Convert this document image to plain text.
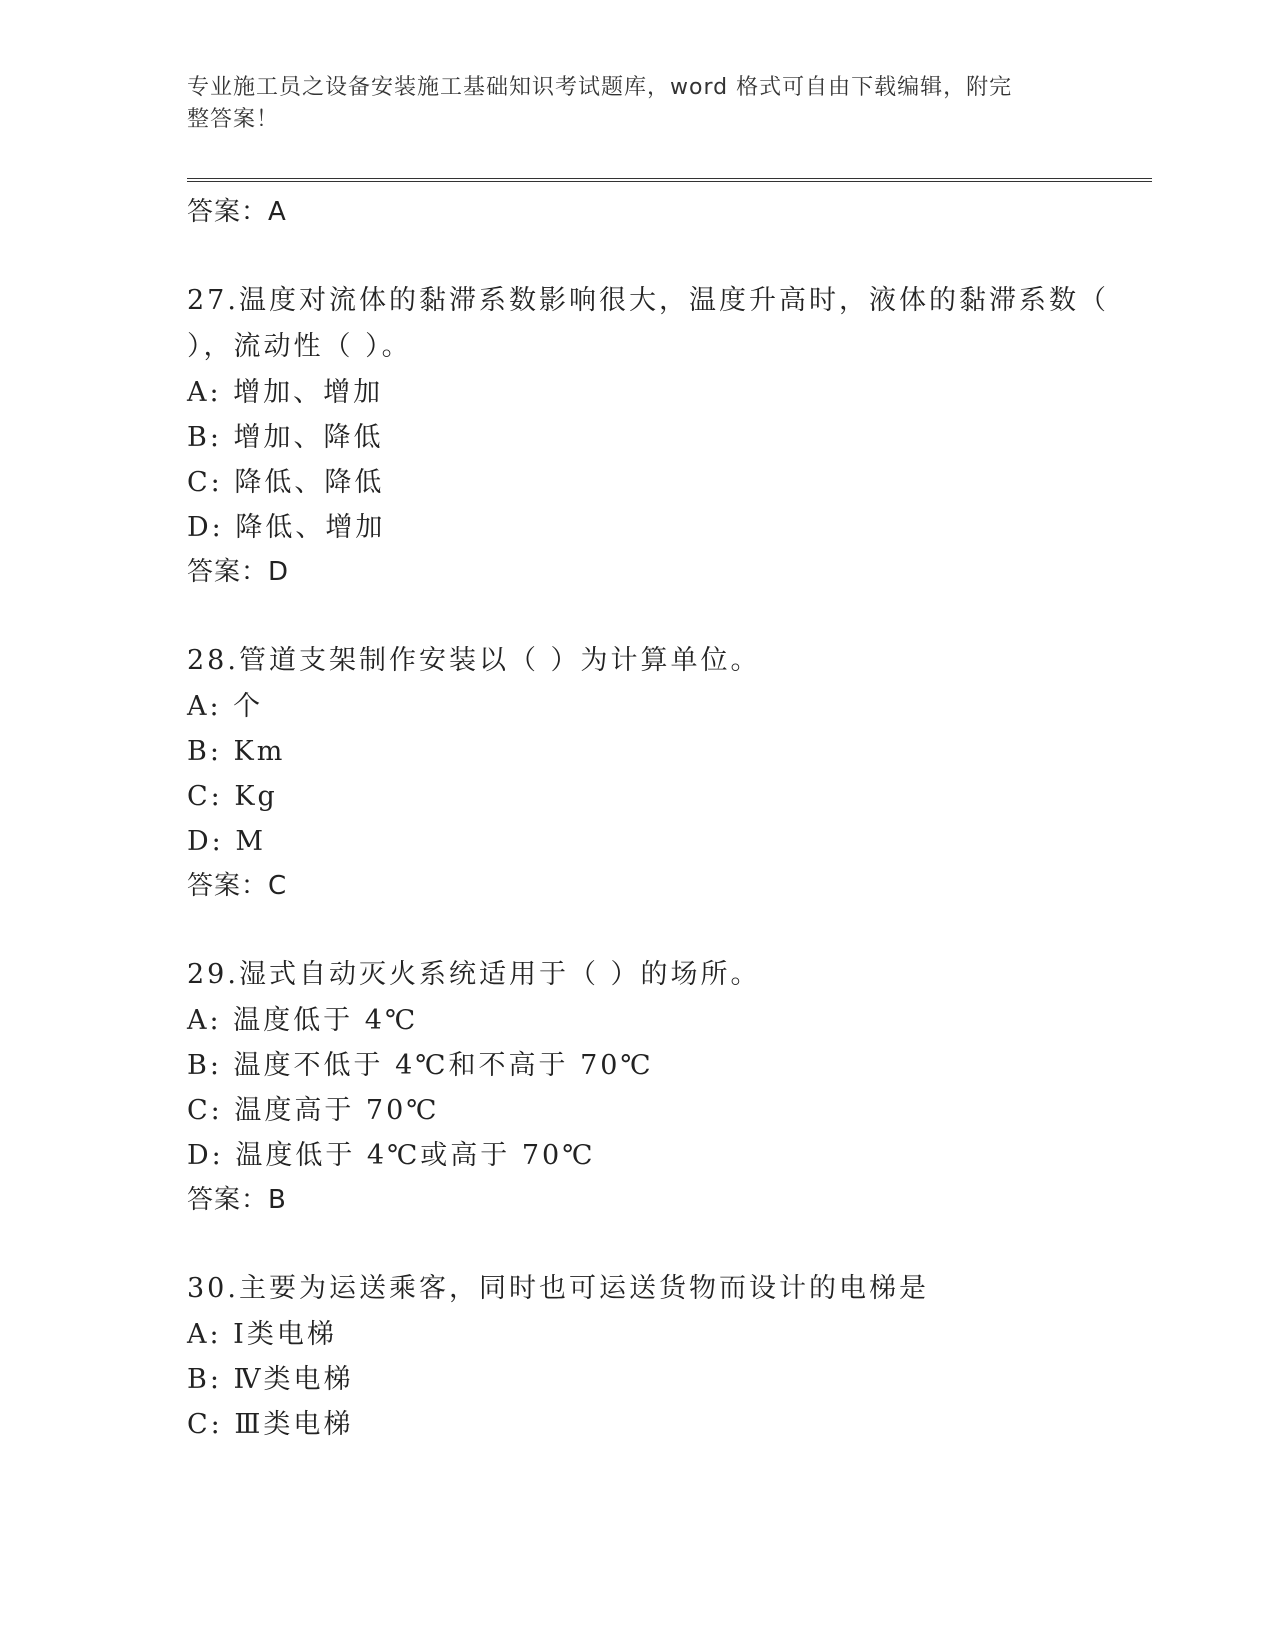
专业施工员之设备安装施工基础知识考试题库，word 格式可自由下载编辑，附完
整答案！
答案：A
27.温度对流体的黏滞系数影响很大，温度升高时，液体的黏滞系数（
），流动性（ ）。
A: 增加、增加
B: 增加、降低
C: 降低、降低
D: 降低、增加
答案：D
28.管道支架制作安装以（ ）为计算单位。
A: 个
B: Km
C: Kg
D: M
答案：C
29.湿式自动灭火系统适用于（ ）的场所。
A: 温度低于 4℃
B: 温度不低于 4℃和不高于 70℃
C: 温度高于 70℃
D: 温度低于 4℃或高于 70℃
答案：B
30.主要为运送乘客，同时也可运送货物而设计的电梯是
A: Ⅰ类电梯
B: Ⅳ类电梯
C: Ⅲ类电梯
